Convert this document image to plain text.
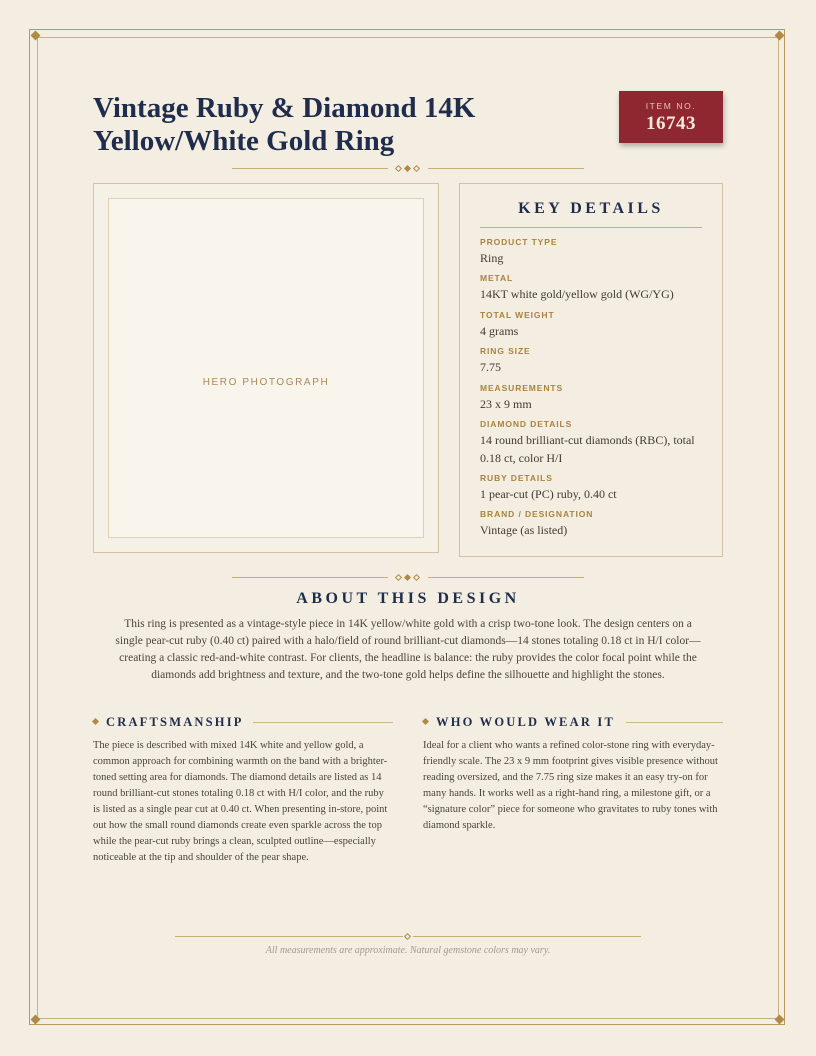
Vintage Ruby & Diamond 14K Yellow/White Gold Ring
ITEM NO.
16743
HERO PHOTOGRAPH
KEY DETAILS
PRODUCT TYPE
Ring
METAL
14KT white gold/yellow gold (WG/YG)
TOTAL WEIGHT
4 grams
RING SIZE
7.75
MEASUREMENTS
23 x 9 mm
DIAMOND DETAILS
14 round brilliant-cut diamonds (RBC), total 0.18 ct, color H/I
RUBY DETAILS
1 pear-cut (PC) ruby, 0.40 ct
BRAND / DESIGNATION
Vintage (as listed)
ABOUT THIS DESIGN

This ring is presented as a vintage-style piece in 14K yellow/white gold with a crisp two-tone look. The design centers on a single pear-cut ruby (0.40 ct) paired with a halo/field of round brilliant-cut diamonds—14 stones totaling 0.18 ct in H/I color—creating a classic red-and-white contrast. For clients, the headline is balance: the ruby provides the color focal point while the diamonds add brightness and texture, and the two-tone gold helps define the silhouette and highlight the stones.

CRAFTSMANSHIP

The piece is described with mixed 14K white and yellow gold, a common approach for combining warmth on the band with a brighter-toned setting area for diamonds. The diamond details are listed as 14 round brilliant-cut stones totaling 0.18 ct with H/I color, and the ruby is listed as a single pear cut at 0.40 ct. When presenting in-store, point out how the small round diamonds create even sparkle across the top while the pear-cut ruby brings a clean, sculpted outline—especially noticeable at the tip and shoulder of the pear shape.

WHO WOULD WEAR IT

Ideal for a client who wants a refined color-stone ring with everyday-friendly scale. The 23 x 9 mm footprint gives visible presence without reading oversized, and the 7.75 ring size makes it an easy try-on for many hands. It works well as a right-hand ring, a milestone gift, or a “signature color” piece for someone who gravitates to ruby tones with diamond sparkle.

All measurements are approximate. Natural gemstone colors may vary.
